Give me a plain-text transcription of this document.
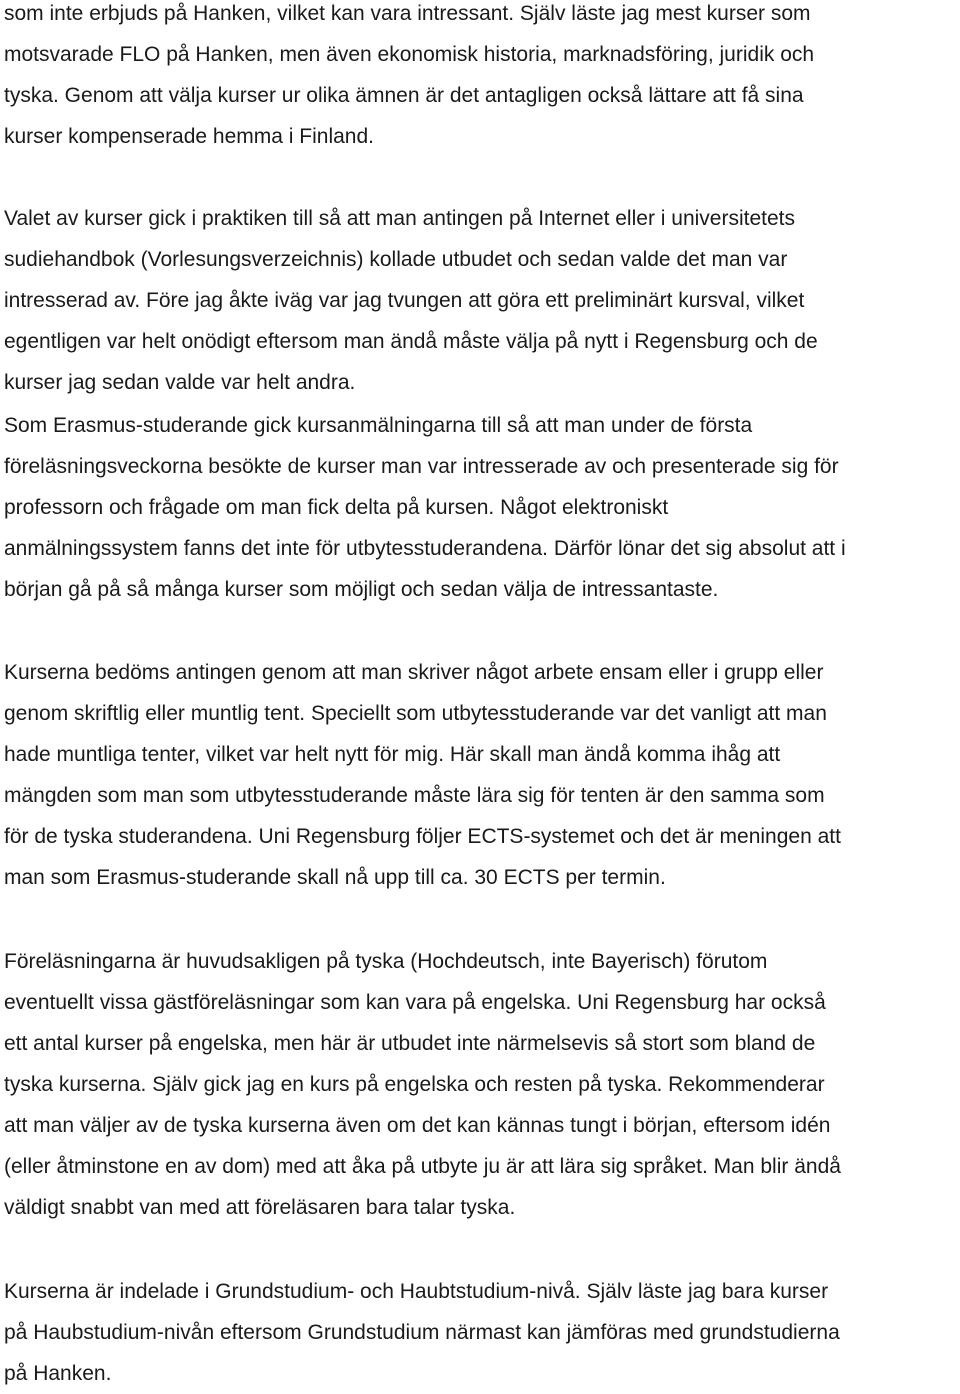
som inte erbjuds på Hanken, vilket kan vara intressant. Själv läste jag mest kurser som
motsvarade FLO på Hanken, men även ekonomisk historia, marknadsföring, juridik och
tyska. Genom att välja kurser ur olika ämnen är det antagligen också lättare att få sina
kurser kompenserade hemma i Finland.
Valet av kurser gick i praktiken till så att man antingen på Internet eller i universitetets
sudiehandbok (Vorlesungsverzeichnis) kollade utbudet och sedan valde det man var
intresserad av. Före jag åkte iväg var jag tvungen att göra ett preliminärt kursval, vilket
egentligen var helt onödigt eftersom man ändå måste välja på nytt i Regensburg och de
kurser jag sedan valde var helt andra.
Som Erasmus-studerande gick kursanmälningarna till så att man under de första
föreläsningsveckorna besökte de kurser man var intresserade av och presenterade sig för
professorn och frågade om man fick delta på kursen. Något elektroniskt
anmälningssystem fanns det inte för utbytesstuderandena. Därför lönar det sig absolut att i
början gå på så många kurser som möjligt och sedan välja de intressantaste.
Kurserna bedöms antingen genom att man skriver något arbete ensam eller i grupp eller
genom skriftlig eller muntlig tent. Speciellt som utbytesstuderande var det vanligt att man
hade muntliga tenter, vilket var helt nytt för mig. Här skall man ändå komma ihåg att
mängden som man som utbytesstuderande måste lära sig för tenten är den samma som
för de tyska studerandena. Uni Regensburg följer ECTS-systemet och det är meningen att
man som Erasmus-studerande skall nå upp till ca. 30 ECTS per termin.
Föreläsningarna är huvudsakligen på tyska (Hochdeutsch, inte Bayerisch) förutom
eventuellt vissa gästföreläsningar som kan vara på engelska. Uni Regensburg har också
ett antal kurser på engelska, men här är utbudet inte närmelsevis så stort som bland de
tyska kurserna. Själv gick jag en kurs på engelska och resten på tyska. Rekommenderar
att man väljer av de tyska kurserna även om det kan kännas tungt i början, eftersom idén
(eller åtminstone en av dom) med att åka på utbyte ju är att lära sig språket. Man blir ändå
väldigt snabbt van med att föreläsaren bara talar tyska.
Kurserna är indelade i Grundstudium- och Haubtstudium-nivå. Själv läste jag bara kurser
på Haubstudium-nivån eftersom Grundstudium närmast kan jämföras med grundstudierna
på Hanken.
